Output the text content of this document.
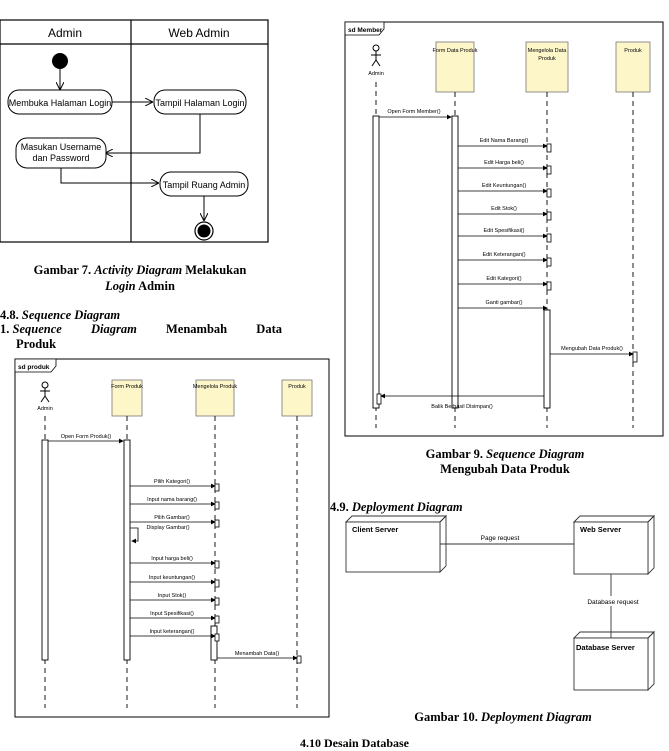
Admin	Web Admin
Membuka Halaman Login	Tampil Halaman Login
Masukan Username
dan Password
Tampil Ruang Admin
Gambar 7. Activity Diagram Melakukan
Login Admin
4.8. Sequence Diagram
1. Sequence Diagram Menambah Data
Produk
sd produk
Admin
Form Produk	Mengelola Produk	Produk
Open Form Produk()
Pilih Kategori()
Input nama barang()
Pilih Gambar()
Display Gambar()
Input harga beli()
Input keuntungan()
Input Stok()
Input Spesifikasi()
Input keterangan()
Menambah Data()
sd Member
Admin
Form Data Produk	Mengelola Data
Produk
Produk
Open Form Member()
Edit Nama Barang()
Edit Harga beli()
Edit Keuntungan()
Edit Stok()
Edit Spesifikasi()
Edit Keterangan()
Edit Kategori()
Ganti gambar()
Mengubah Data Produk()
Balik Berhasil Disimpan()
Gambar 9. Sequence Diagram
Mengubah Data Produk
4.9. Deployment Diagram
Client Server	Web Server
Database Server
Page request
Database request
Gambar 10. Deployment Diagram
4.10 Desain Database
